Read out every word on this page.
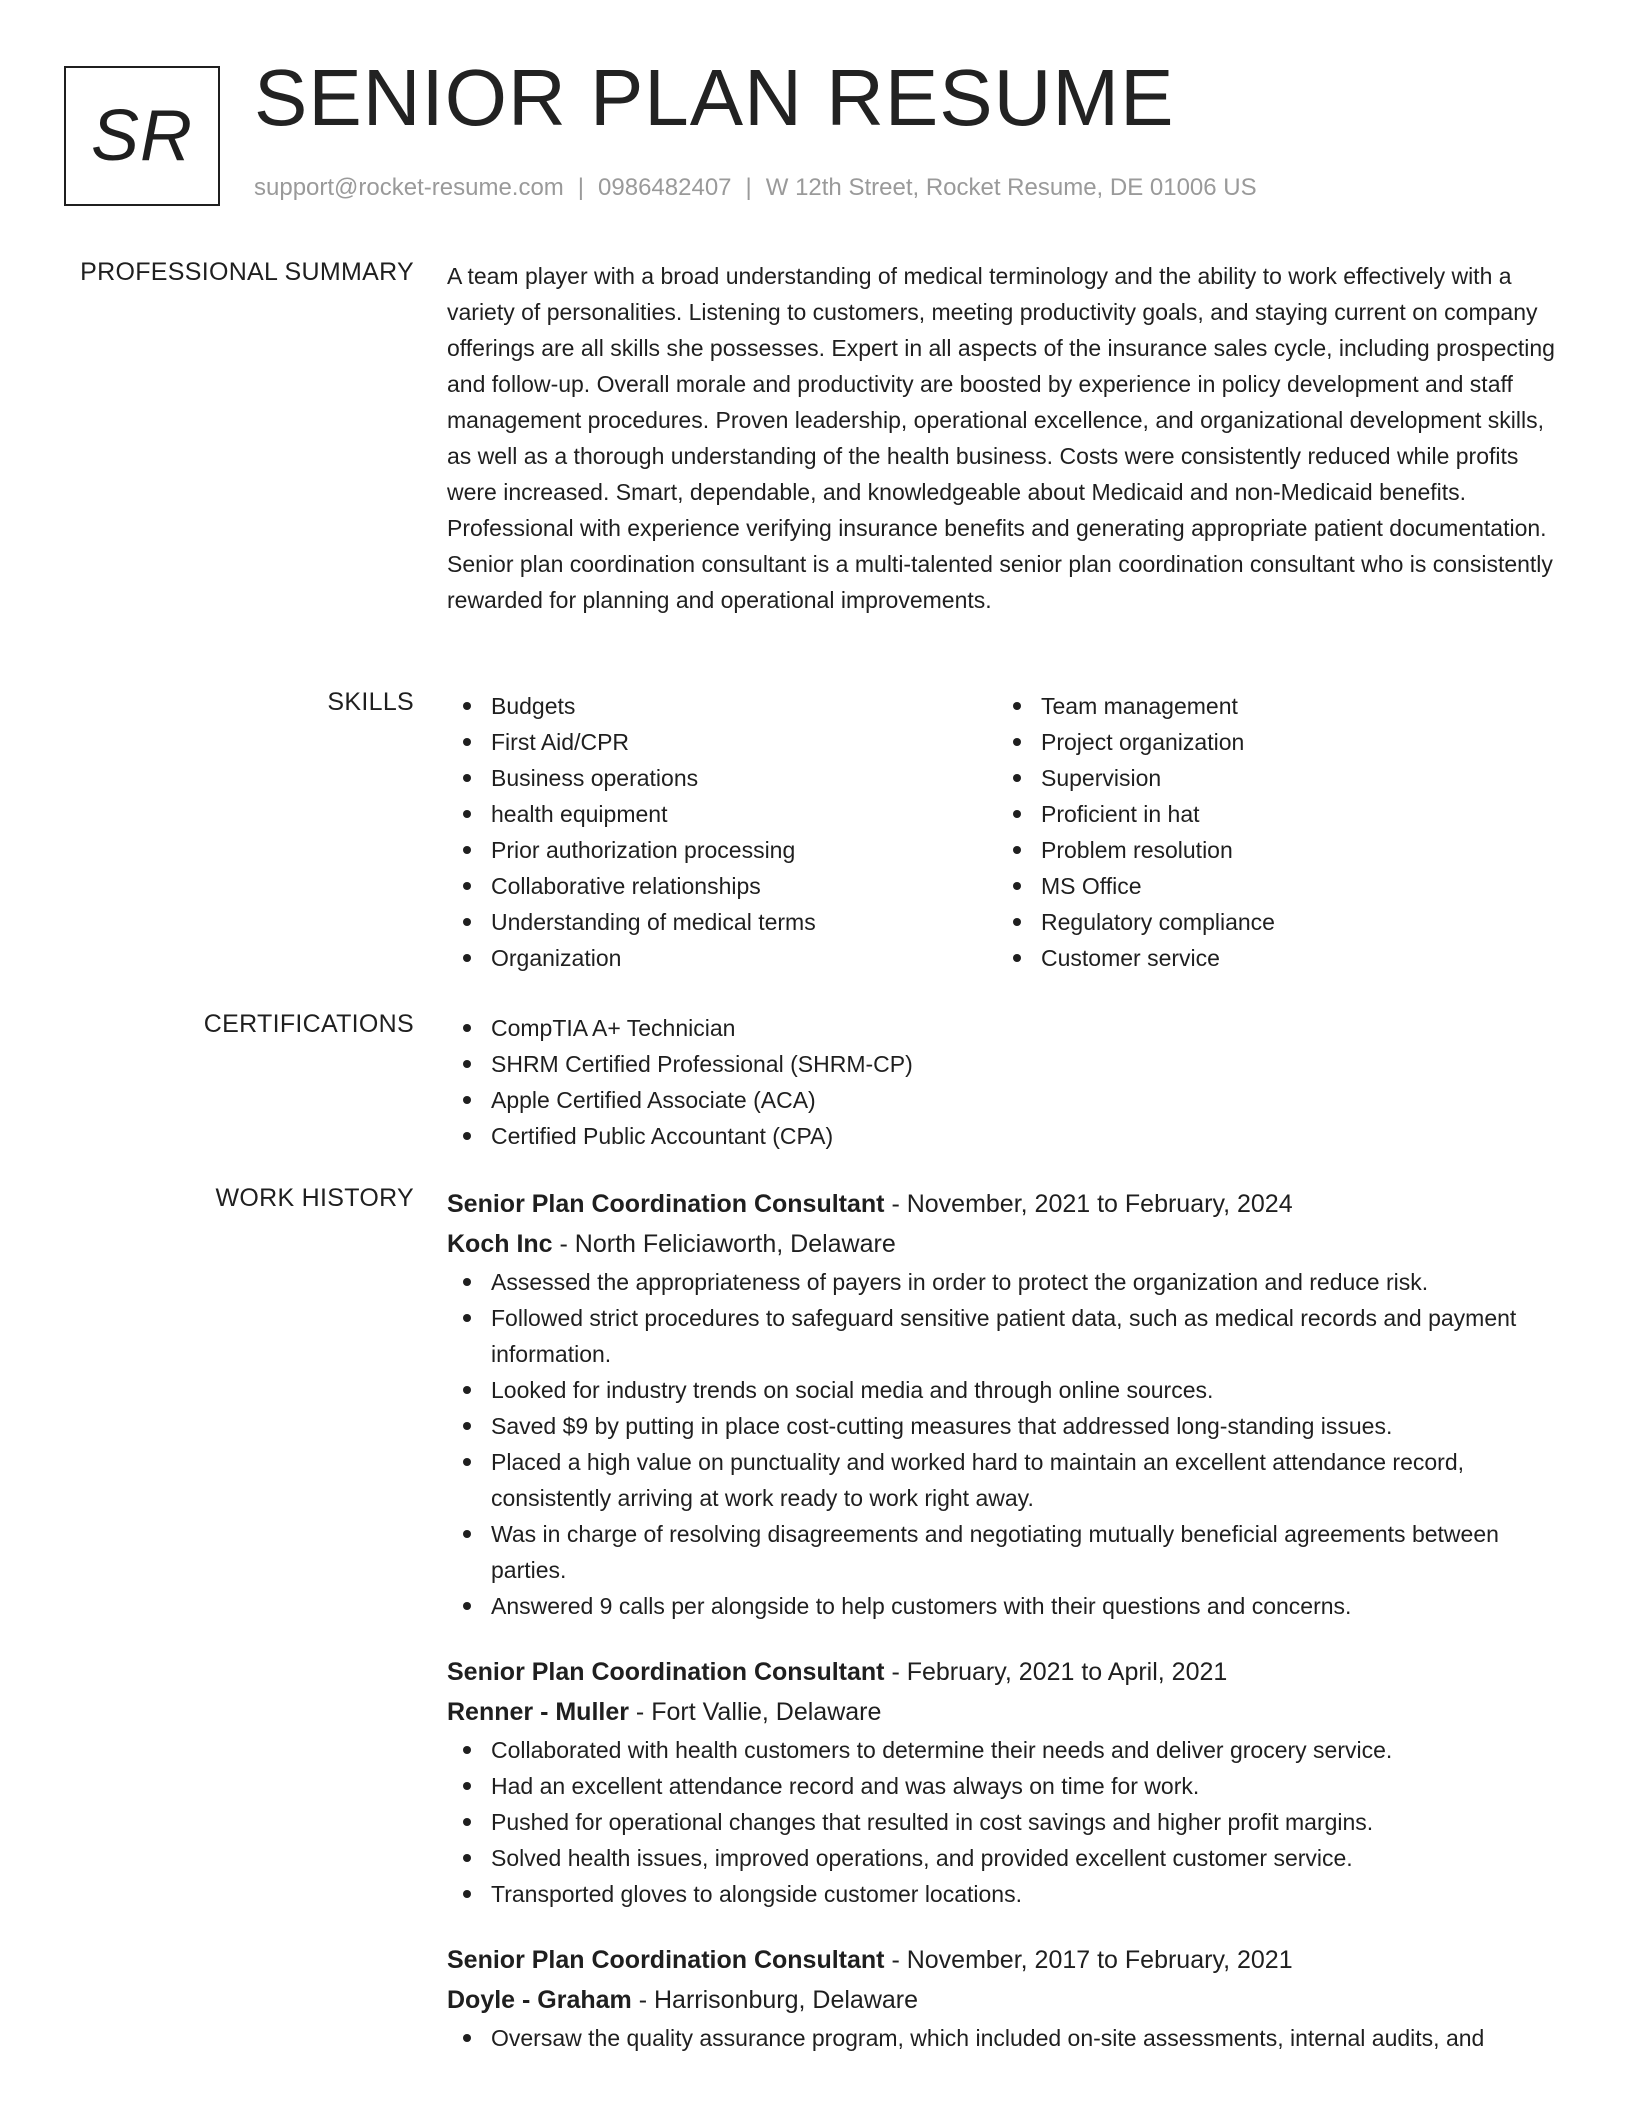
SR SENIOR PLAN RESUME
support@rocket-resume.com | 0986482407 | W 12th Street, Rocket Resume, DE 01006 US
PROFESSIONAL SUMMARY A team player with a broad understanding of medical terminology and the ability to work effectively with a variety of personalities. Listening to customers, meeting productivity goals, and staying current on company offerings are all skills she possesses. Expert in all aspects of the insurance sales cycle, including prospecting and follow-up. Overall morale and productivity are boosted by experience in policy development and staff management procedures. Proven leadership, operational excellence, and organizational development skills, as well as a thorough understanding of the health business. Costs were consistently reduced while profits were increased. Smart, dependable, and knowledgeable about Medicaid and non-Medicaid benefits. Professional with experience verifying insurance benefits and generating appropriate patient documentation. Senior plan coordination consultant is a multi-talented senior plan coordination consultant who is consistently rewarded for planning and operational improvements.

SKILLS	Budgets
First Aid/CPR
Business operations
health equipment
Prior authorization processing
Collaborative relationships
Understanding of medical terms
Organization
Team management
Project organization
Supervision
Proficient in hat
Problem resolution
MS Office
Regulatory compliance
Customer service
CERTIFICATIONS	CompTIA A+ Technician
SHRM Certified Professional (SHRM-CP)
Apple Certified Associate (ACA)
Certified Public Accountant (CPA)
WORK HISTORY Senior Plan Coordination Consultant - November, 2021 to February, 2024
Koch Inc - North Feliciaworth, Delaware
Assessed the appropriateness of payers in order to protect the organization and reduce risk.
Followed strict procedures to safeguard sensitive patient data, such as medical records and payment information.
Looked for industry trends on social media and through online sources.
Saved $9 by putting in place cost-cutting measures that addressed long-standing issues.
Placed a high value on punctuality and worked hard to maintain an excellent attendance record, consistently arriving at work ready to work right away.
Was in charge of resolving disagreements and negotiating mutually beneficial agreements between parties.
Answered 9 calls per alongside to help customers with their questions and concerns.
Senior Plan Coordination Consultant - February, 2021 to April, 2021
Renner - Muller - Fort Vallie, Delaware
Collaborated with health customers to determine their needs and deliver grocery service.
Had an excellent attendance record and was always on time for work.
Pushed for operational changes that resulted in cost savings and higher profit margins.
Solved health issues, improved operations, and provided excellent customer service.
Transported gloves to alongside customer locations.
Senior Plan Coordination Consultant - November, 2017 to February, 2021
Doyle - Graham - Harrisonburg, Delaware
Oversaw the quality assurance program, which included on-site assessments, internal audits, and
